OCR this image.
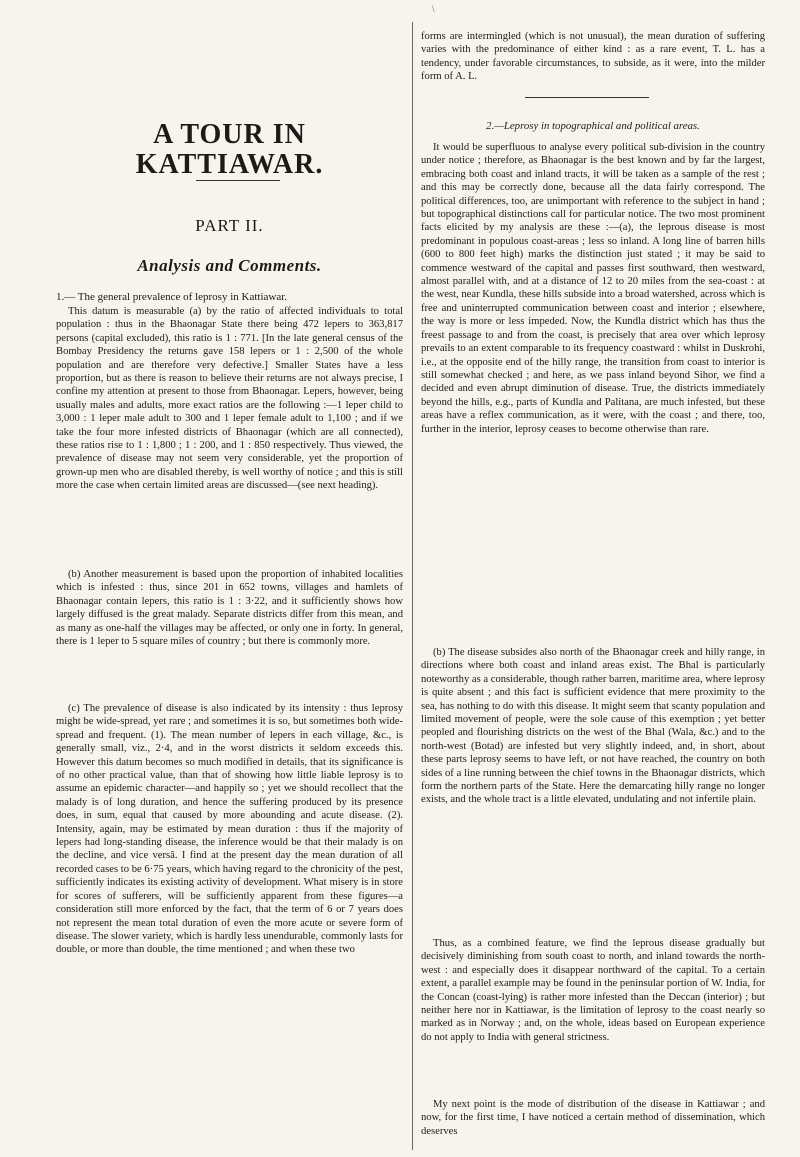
\
A TOUR IN KATTIAWAR.
PART II.
Analysis and Comments.
1.— The general prevalence of leprosy in Kattiawar.

This datum is measurable (a) by the ratio of affected individuals to total population : thus in the Bhaonagar State there being 472 lepers to 363,817 persons (capital excluded), this ratio is 1 : 771. [In the late general census of the Bombay Presidency the returns gave 158 lepers or 1 : 2,500 of the whole population and are therefore very defective.] Smaller States have a less proportion, but as there is reason to believe their returns are not always precise, I confine my attention at present to those from Bhaonagar. Lepers, however, being usually males and adults, more exact ratios are the following :—1 leper child to 3,000 : 1 leper male adult to 300 and 1 leper female adult to 1,100 ; and if we take the four more infested districts of Bhaonagar (which are all connected), these ratios rise to 1 : 1,800 ; 1 : 200, and 1 : 850 respectively. Thus viewed, the prevalence of disease may not seem very considerable, yet the proportion of grown-up men who are disabled thereby, is well worthy of notice ; and this is still more the case when certain limited areas are discussed—(see next heading).

(b) Another measurement is based upon the proportion of inhabited localities which is infested : thus, since 201 in 652 towns, villages and hamlets of Bhaonagar contain lepers, this ratio is 1 : 3·22, and it sufficiently shows how largely diffused is the great malady. Separate districts differ from this mean, and as many as one-half the villages may be affected, or only one in forty. In general, there is 1 leper to 5 square miles of country ; but there is commonly more.

(c) The prevalence of disease is also indicated by its intensity : thus leprosy might be wide-spread, yet rare ; and sometimes it is so, but sometimes both wide-spread and frequent. (1). The mean number of lepers in each village, &c., is generally small, viz., 2·4, and in the worst districts it seldom exceeds this. However this datum becomes so much modified in details, that its significance is of no other practical value, than that of showing how little liable leprosy is to assume an epidemic character—and happily so ; yet we should recollect that the malady is of long duration, and hence the suffering produced by its presence does, in sum, equal that caused by more abounding and acute disease. (2). Intensity, again, may be estimated by mean duration : thus if the majority of lepers had long-standing disease, the inference would be that their malady is on the decline, and vice versâ. I find at the present day the mean duration of all recorded cases to be 6·75 years, which having regard to the chronicity of the pest, sufficiently indicates its existing activity of development. What misery is in store for scores of sufferers, will be sufficiently apparent from these figures—a consideration still more enforced by the fact, that the term of 6 or 7 years does not represent the mean total duration of even the more acute or severe form of disease. The slower variety, which is hardly less unendurable, commonly lasts for double, or more than double, the time mentioned ; and when these two

forms are intermingled (which is not unusual), the mean duration of suffering varies with the predominance of either kind : as a rare event, T. L. has a tendency, under favorable circumstances, to subside, as it were, into the milder form of A. L.

2.—Leprosy in topographical and political areas.

It would be superfluous to analyse every political sub-division in the country under notice ; therefore, as Bhaonagar is the best known and by far the largest, embracing both coast and inland tracts, it will be taken as a sample of the rest ; and this may be correctly done, because all the data fairly correspond. The political differences, too, are unimportant with reference to the subject in hand ; but topographical distinctions call for particular notice. The two most prominent facts elicited by my analysis are these :—(a), the leprous disease is most predominant in populous coast-areas ; less so inland. A long line of barren hills (600 to 800 feet high) marks the distinction just stated ; it may be said to commence westward of the capital and passes first southward, then westward, almost parallel with, and at a distance of 12 to 20 miles from the sea-coast : at the west, near Kundla, these hills subside into a broad watershed, across which is free and uninterrupted communication between coast and interior ; elsewhere, the way is more or less impeded. Now, the Kundla district which has thus the freest passage to and from the coast, is precisely that area over which leprosy prevails to an extent comparable to its frequency coastward : whilst in Duskrohi, i.e., at the opposite end of the hilly range, the transition from coast to interior is still somewhat checked ; and here, as we pass inland beyond Sihor, we find a decided and even abrupt diminution of disease. True, the districts immediately beyond the hills, e.g., parts of Kundla and Palitana, are much infested, but these areas have a reflex communication, as it were, with the coast ; and there, too, further in the interior, leprosy ceases to become otherwise than rare.

(b) The disease subsides also north of the Bhaonagar creek and hilly range, in directions where both coast and inland areas exist. The Bhal is particularly noteworthy as a considerable, though rather barren, maritime area, where leprosy is quite absent ; and this fact is sufficient evidence that mere proximity to the sea, has nothing to do with this disease. It might seem that scanty population and limited movement of people, were the sole cause of this exemption ; yet better peopled and flourishing districts on the west of the Bhal (Wala, &c.) and to the north-west (Botad) are infested but very slightly indeed, and, in short, about these parts leprosy seems to have left, or not have reached, the country on both sides of a line running between the chief towns in the Bhaonagar districts, which form the northern parts of the State. Here the demarcating hilly range no longer exists, and the whole tract is a little elevated, undulating and not infertile plain.

Thus, as a combined feature, we find the leprous disease gradually but decisively diminishing from south coast to north, and inland towards the north-west : and especially does it disappear northward of the capital. To a certain extent, a parallel example may be found in the peninsular portion of W. India, for the Concan (coast-lying) is rather more infested than the Deccan (interior) ; but neither here nor in Kattiawar, is the limitation of leprosy to the coast nearly so marked as in Norway ; and, on the whole, ideas based on European experience do not apply to India with general strictness.

My next point is the mode of distribution of the disease in Kattiawar ; and now, for the first time, I have noticed a certain method of dissemination, which deserves
